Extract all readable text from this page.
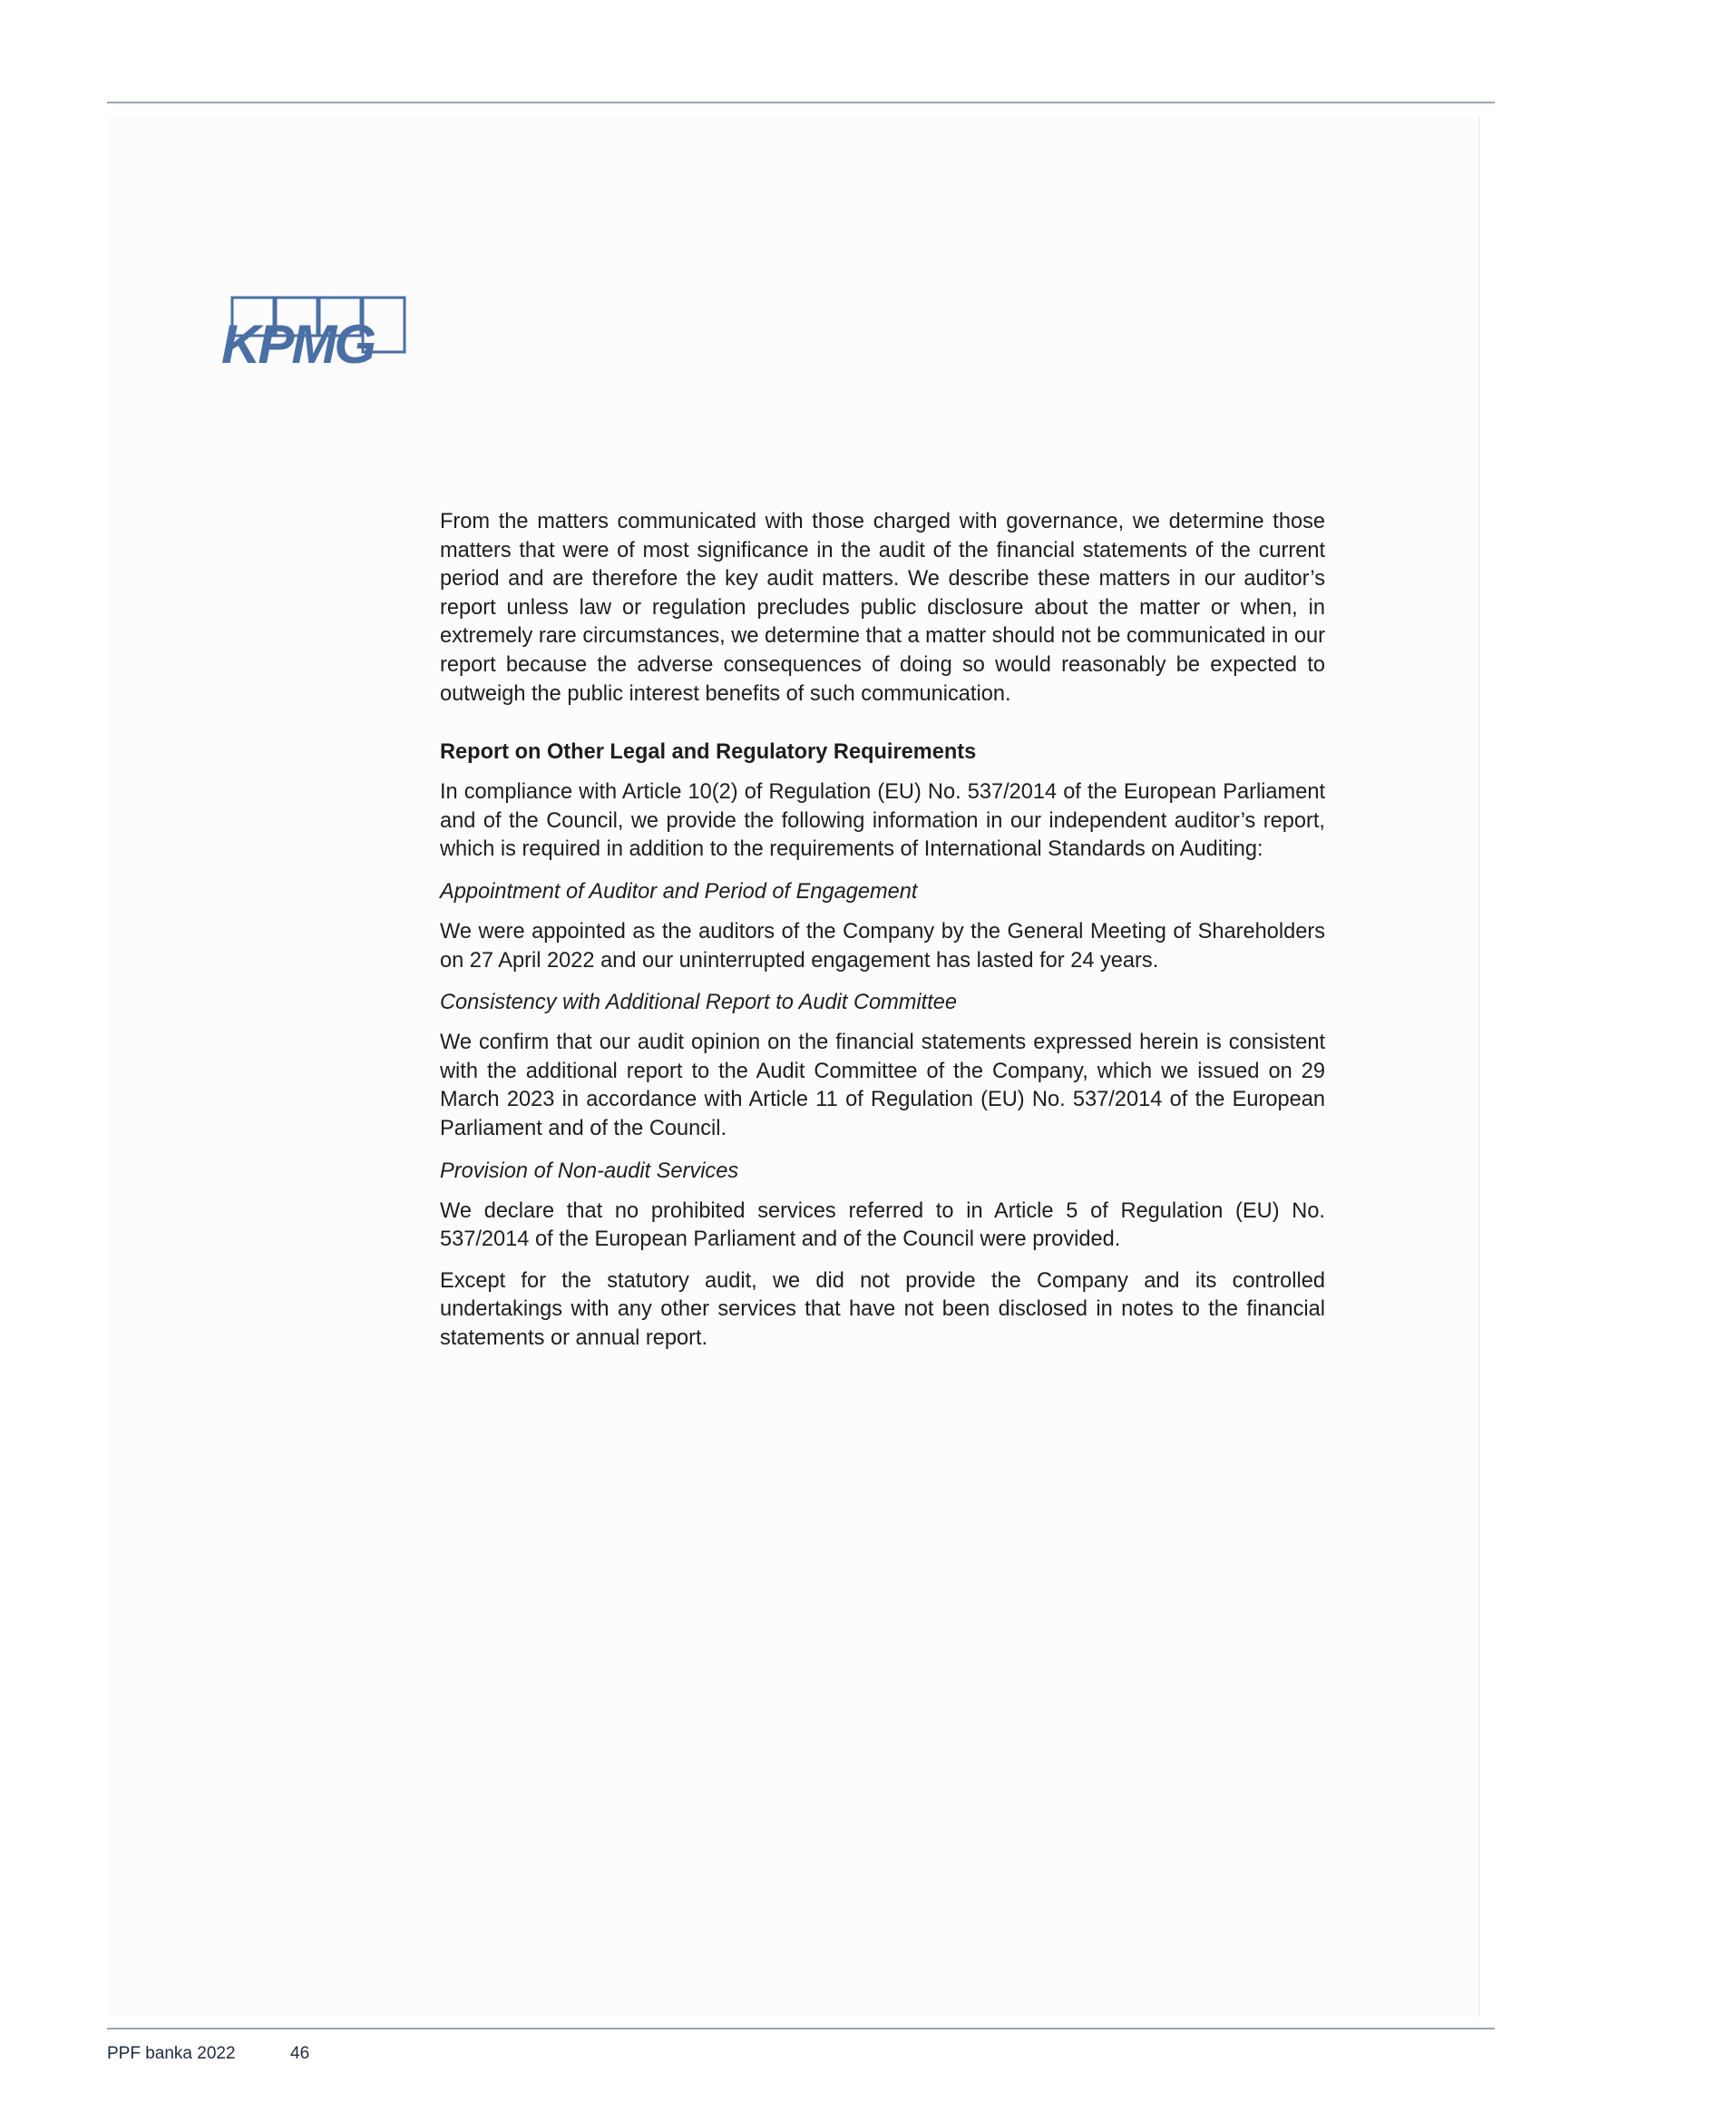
KPMG

From the matters communicated with those charged with governance, we determine those matters that were of most significance in the audit of the financial statements of the current period and are therefore the key audit matters. We describe these matters in our auditor’s report unless law or regulation precludes public disclosure about the matter or when, in extremely rare circumstances, we determine that a matter should not be communicated in our report because the adverse consequences of doing so would reasonably be expected to outweigh the public interest benefits of such communication.

Report on Other Legal and Regulatory Requirements

In compliance with Article 10(2) of Regulation (EU) No. 537/2014 of the European Parliament and of the Council, we provide the following information in our independent auditor’s report, which is required in addition to the requirements of International Standards on Auditing:

Appointment of Auditor and Period of Engagement

We were appointed as the auditors of the Company by the General Meeting of Shareholders on 27 April 2022 and our uninterrupted engagement has lasted for 24 years.

Consistency with Additional Report to Audit Committee

We confirm that our audit opinion on the financial statements expressed herein is consistent with the additional report to the Audit Committee of the Company, which we issued on 29 March 2023 in accordance with Article 11 of Regulation (EU) No. 537/2014 of the European Parliament and of the Council.

Provision of Non-audit Services

We declare that no prohibited services referred to in Article 5 of Regulation (EU) No. 537/2014 of the European Parliament and of the Council were provided.

Except for the statutory audit, we did not provide the Company and its controlled undertakings with any other services that have not been disclosed in notes to the financial statements or annual report.

PPF banka 2022	46
